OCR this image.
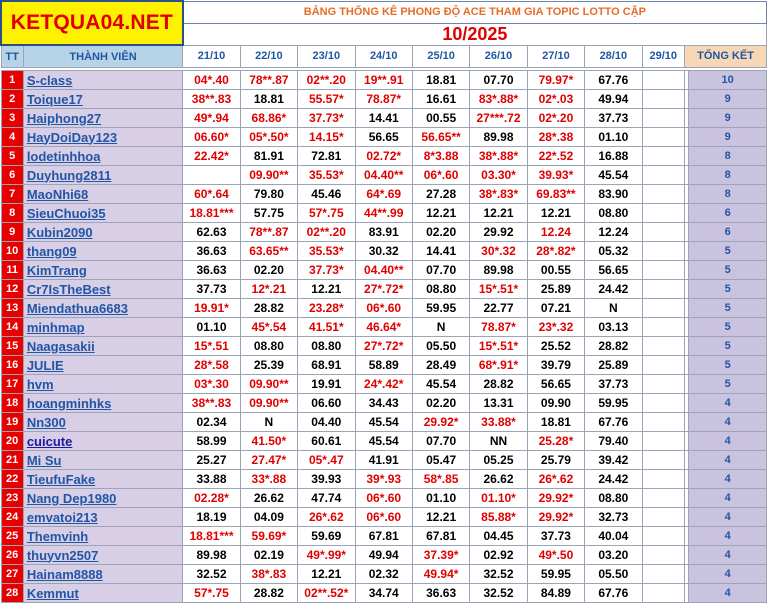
KETQUA04.NET		BẢNG THỐNG KÊ PHONG ĐỘ ACE THAM GIA TOPIC LOTTO CẶP										
		10/2025										
TT	THÀNH VIÊN	21/10	22/10	23/10	24/10	25/10	26/10	27/10	28/10	29/10	TỔNG KẾT	

1	S-class	04*.40	78**.87	02**.20	19**.91	18.81	07.70	79.97*	67.76			10
2	Toique17	38**.83	18.81	55.57*	78.87*	16.61	83*.88*	02*.03	49.94			9
3	Haiphong27	49*.94	68.86*	37.73*	14.41	00.55	27***.72	02*.20	37.73			9
4	HayDoiDay123	06.60*	05*.50*	14.15*	56.65	56.65**	89.98	28*.38	01.10			9
5	lodetinhhoa	22.42*	81.91	72.81	02.72*	8*3.88	38*.88*	22*.52	16.88			8
6	Duyhung2811		09.90**	35.53*	04.40**	06*.60	03.30*	39.93*	45.54			8
7	MaoNhi68	60*.64	79.80	45.46	64*.69	27.28	38*.83*	69.83**	83.90			8
8	SieuChuoi35	18.81***	57.75	57*.75	44**.99	12.21	12.21	12.21	08.80			6
9	Kubin2090	62.63	78**.87	02**.20	83.91	02.20	29.92	12.24	12.24			6
10	thang09	36.63	63.65**	35.53*	30.32	14.41	30*.32	28*.82*	05.32			5
11	KimTrang	36.63	02.20	37.73*	04.40**	07.70	89.98	00.55	56.65			5
12	Cr7IsTheBest	37.73	12*.21	12.21	27*.72*	08.80	15*.51*	25.89	24.42			5
13	Miendathua6683	19.91*	28.82	23.28*	06*.60	59.95	22.77	07.21	N			5
14	minhmap	01.10	45*.54	41.51*	46.64*	N	78.87*	23*.32	03.13			5
15	Naagasakii	15*.51	08.80	08.80	27*.72*	05.50	15*.51*	25.52	28.82			5
16	JULIE	28*.58	25.39	68.91	58.89	28.49	68*.91*	39.79	25.89			5
17	hvm	03*.30	09.90**	19.91	24*.42*	45.54	28.82	56.65	37.73			5
18	hoangminhks	38**.83	09.90**	06.60	34.43	02.20	13.31	09.90	59.95			4
19	Nn300	02.34	N	04.40	45.54	29.92*	33.88*	18.81	67.76			4
20	cuicute	58.99	41.50*	60.61	45.54	07.70	NN	25.28*	79.40			4
21	Mi Su	25.27	27.47*	05*.47	41.91	05.47	05.25	25.79	39.42			4
22	TieufuFake	33.88	33*.88	39.93	39*.93	58*.85	26.62	26*.62	24.42			4
23	Nang Dep1980	02.28*	26.62	47.74	06*.60	01.10	01.10*	29.92*	08.80			4
24	emvatoi213	18.19	04.09	26*.62	06*.60	12.21	85.88*	29.92*	32.73			4
25	Themvinh	18.81***	59.69*	59.69	67.81	67.81	04.45	37.73	40.04			4
26	thuyvn2507	89.98	02.19	49*.99*	49.94	37.39*	02.92	49*.50	03.20			4
27	Hainam8888	32.52	38*.83	12.21	02.32	49.94*	32.52	59.95	05.50			4
28	Kemmut	57*.75	28.82	02**.52*	34.74	36.63	32.52	84.89	67.76			4
